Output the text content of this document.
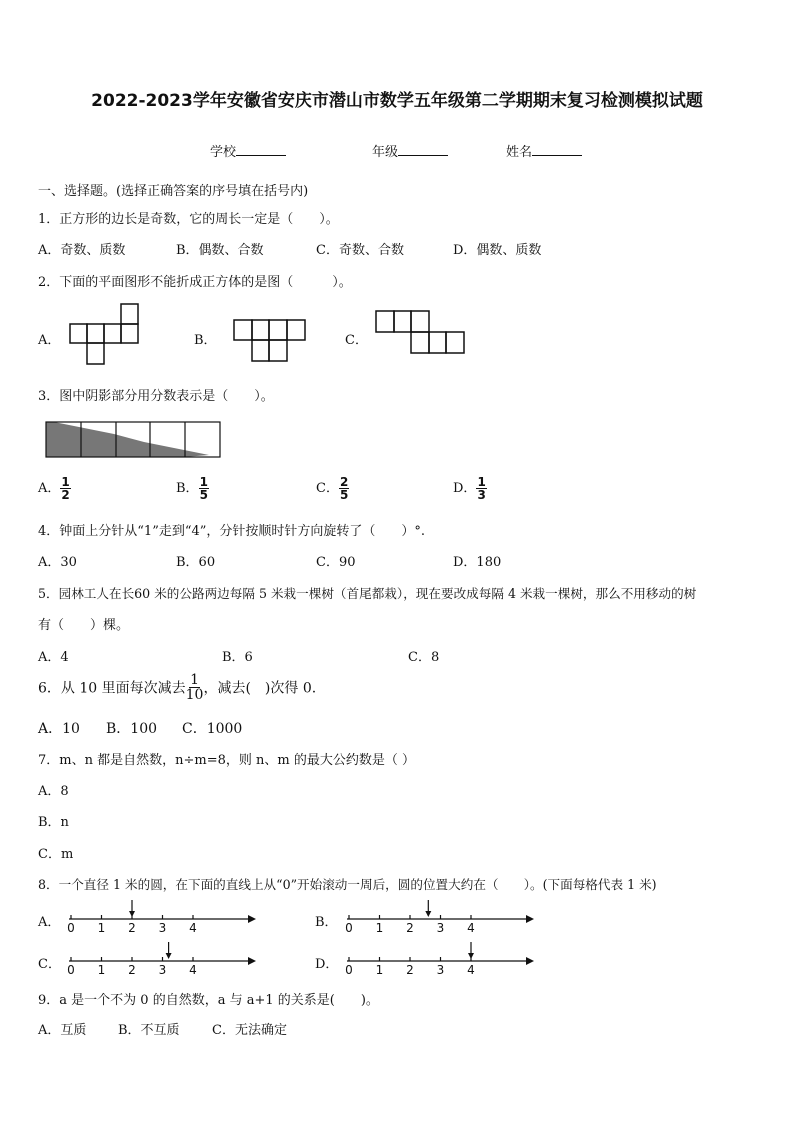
2022-2023学年安徽省安庆市潜山市数学五年级第二学期期末复习检测模拟试题
学校	年级	姓名
一、选择题。(选择正确答案的序号填在括号内)
1．正方形的边长是奇数，它的周长一定是（　　）。
A．奇数、质数	B．偶数、合数	C．奇数、合数	D．偶数、质数
2．下面的平面图形不能折成正方体的是图（　　　）。
A．	B．	C．
3．图中阴影部分用分数表示是（　　）。
A． $\frac{1}{2}$	B． $\frac{1}{5}$	C． $\frac{2}{5}$	D． $\frac{1}{3}$
4．钟面上分针从“1”走到“4”，分针按顺时针方向旋转了（　　）°.
A．30	B．60	C．90	D．180
5．园林工人在长60 米的公路两边每隔 5 米栽一棵树（首尾都栽），现在要改成每隔 4 米栽一棵树，那么不用移动的树
有（　　）棵。
A．4	B．6	C．8
6．从 10 里面每次减去 $\frac{1}{10}$ ，减去(　)次得 0.
A．10 B．100 C．1000
7．m、n 都是自然数，n÷m=8，则 n、m 的最大公约数是（ ）
A．8
B．n
C．m
8．一个直径 1 米的圆，在下面的直线上从“0”开始滚动一周后，圆的位置大约在（　　）。(下面每格代表 1 米)
A．	B．
C．	D．
0 1 2 3 4	0 1 2 3 4
0 1 2 3 4	0 1 2 3 4
9．a 是一个不为 0 的自然数，a 与 a+1 的关系是(　　)。
A．互质 B．不互质 C．无法确定
